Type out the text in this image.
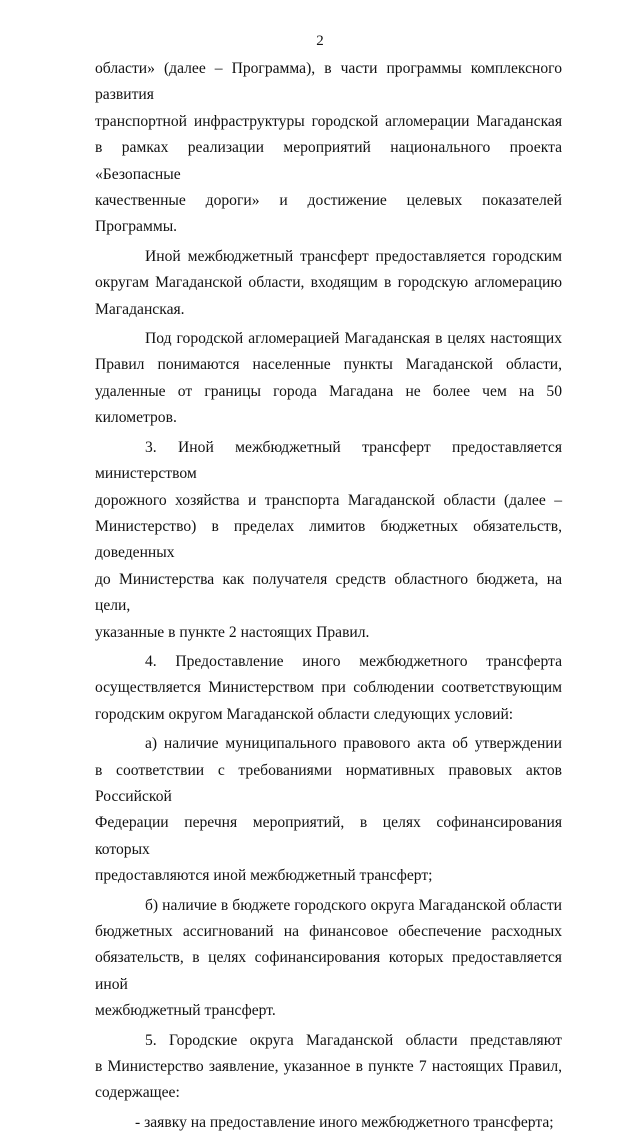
2
области» (далее – Программа), в части программы комплексного развития
транспортной инфраструктуры городской агломерации Магаданская
в рамках реализации мероприятий национального проекта «Безопасные
качественные дороги» и достижение целевых показателей Программы.
Иной межбюджетный трансферт предоставляется городским
округам Магаданской области, входящим в городскую агломерацию
Магаданская.
Под городской агломерацией Магаданская в целях настоящих
Правил понимаются населенные пункты Магаданской области,
удаленные от границы города Магадана не более чем на 50 километров.
3. Иной межбюджетный трансферт предоставляется министерством
дорожного хозяйства и транспорта Магаданской области (далее –
Министерство) в пределах лимитов бюджетных обязательств, доведенных
до Министерства как получателя средств областного бюджета, на цели,
указанные в пункте 2 настоящих Правил.
4. Предоставление иного межбюджетного трансферта
осуществляется Министерством при соблюдении соответствующим
городским округом Магаданской области следующих условий:
а) наличие муниципального правового акта об утверждении
в соответствии с требованиями нормативных правовых актов Российской
Федерации перечня мероприятий, в целях софинансирования которых
предоставляются иной межбюджетный трансферт;
б) наличие в бюджете городского округа Магаданской области
бюджетных ассигнований на финансовое обеспечение расходных
обязательств, в целях софинансирования которых предоставляется иной
межбюджетный трансферт.
5. Городские округа Магаданской области представляют
в Министерство заявление, указанное в пункте 7 настоящих Правил,
содержащее:
- заявку на предоставление иного межбюджетного трансферта;
